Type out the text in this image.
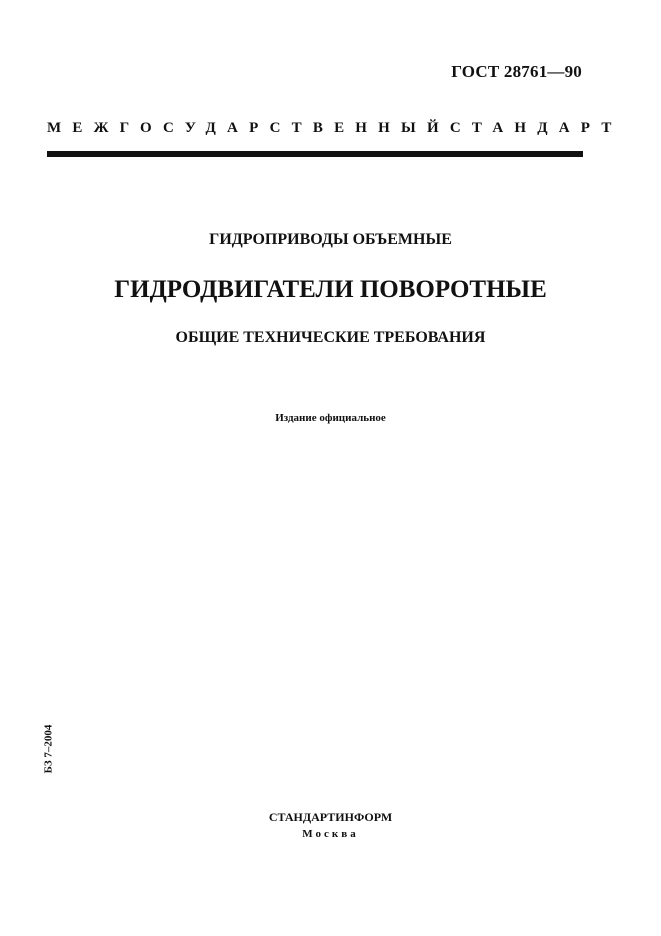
ГОСТ 28761—90
МЕЖГОСУДАРСТВЕННЫЙ СТАНДАРТ
ГИДРОПРИВОДЫ ОБЪЕМНЫЕ
ГИДРОДВИГАТЕЛИ ПОВОРОТНЫЕ
ОБЩИЕ ТЕХНИЧЕСКИЕ ТРЕБОВАНИЯ
Издание официальное
БЗ 7–2004
СТАНДАРТИНФОРМ
Москва
